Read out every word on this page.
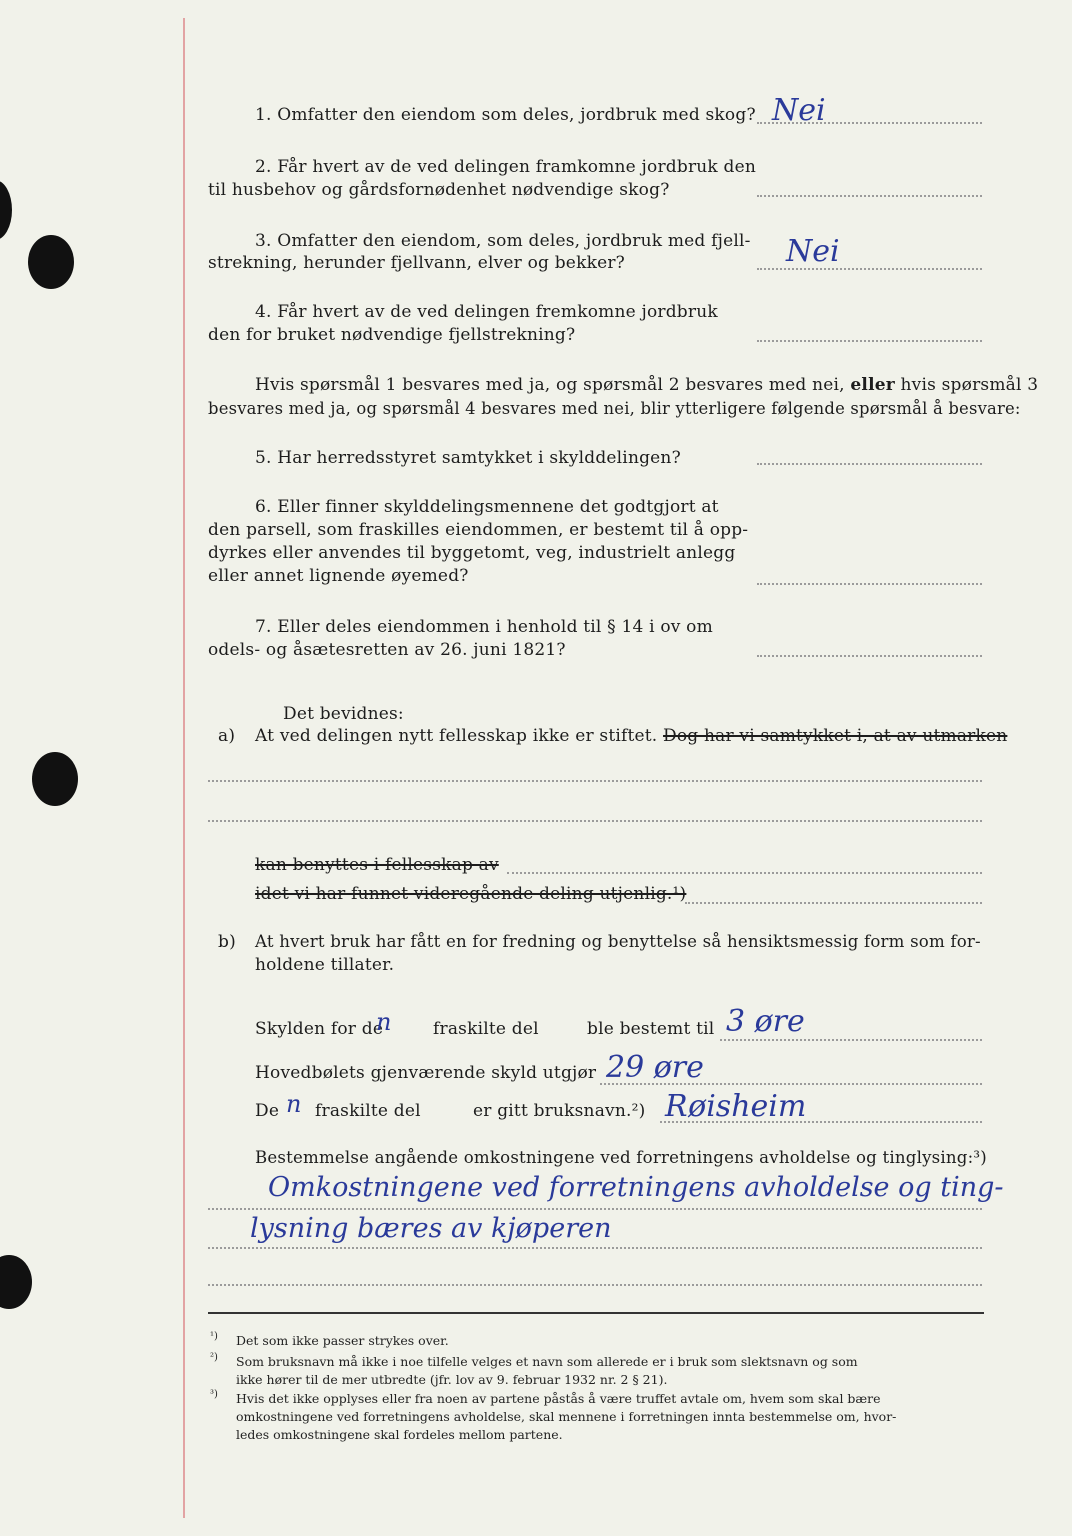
1. Omfatter den eiendom som deles, jordbruk med skog? Nei
2. Får hvert av de ved delingen framkomne jordbruk den
til husbehov og gårdsfornødenhet nødvendige skog?
3. Omfatter den eiendom, som deles, jordbruk med fjell-
strekning, herunder fjellvann, elver og bekker?	Nei
4. Får hvert av de ved delingen fremkomne jordbruk
den for bruket nødvendige fjellstrekning?
Hvis spørsmål 1 besvares med ja, og spørsmål 2 besvares med nei, eller hvis spørsmål 3
besvares med ja, og spørsmål 4 besvares med nei, blir ytterligere følgende spørsmål å besvare:
5. Har herredsstyret samtykket i skylddelingen?
6. Eller finner skylddelingsmennene det godtgjort at
den parsell, som fraskilles eiendommen, er bestemt til å opp-
dyrkes eller anvendes til byggetomt, veg, industrielt anlegg
eller annet lignende øyemed?
7. Eller deles eiendommen i henhold til § 14 i ov om
odels- og åsætesretten av 26. juni 1821?
Det bevidnes:
a) At ved delingen nytt fellesskap ikke er stiftet. Dog har vi samtykket i, at av utmarken
kan benyttes i fellesskap av
idet vi har funnet videregående deling utjenlig.¹)
b) At hvert bruk har fått en for fredning og benyttelse så hensiktsmessig form som for-
holdene tillater.
Skylden for de
n fraskilte del	ble bestemt til 3 øre
Hovedbølets gjenværende skyld utgjør 29 øre
De n fraskilte del	er gitt bruksnavn.²) Røisheim
Bestemmelse angående omkostningene ved forretningens avholdelse og tinglysing:³)
Omkostningene ved forretningens avholdelse og ting-
lysning bæres av kjøperen
¹) Det som ikke passer strykes over.
²) Som bruksnavn må ikke i noe tilfelle velges et navn som allerede er i bruk som slektsnavn og som
ikke hører til de mer utbredte (jfr. lov av 9. februar 1932 nr. 2 § 21).
³) Hvis det ikke opplyses eller fra noen av partene påstås å være truffet avtale om, hvem som skal bære
omkostningene ved forretningens avholdelse, skal mennene i forretningen innta bestemmelse om, hvor-
ledes omkostningene skal fordeles mellom partene.
